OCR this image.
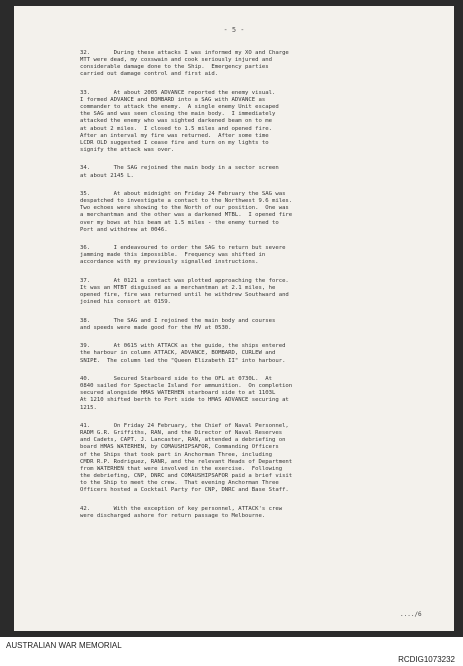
- 5 -
32.       During these attacks I was informed my XO and Charge
MTT were dead, my coxswain and cook seriously injured and
considerable damage done to the Ship.  Emergency parties
carried out damage control and first aid.
33.       At about 2005 ADVANCE reported the enemy visual.
I formed ADVANCE and BOMBARD into a SAG with ADVANCE as
commander to attack the enemy.  A single enemy Unit escaped
the SAG and was seen closing the main body.  I immediately
attacked the enemy who was sighted darkened beam on to me
at about 2 miles.  I closed to 1.5 miles and opened fire.
After an interval my fire was returned.  After some time
LCDR OLD suggested I cease fire and turn on my lights to
signify the attack was over.
34.       The SAG rejoined the main body in a sector screen
at about 2145 L.
35.       At about midnight on Friday 24 February the SAG was
despatched to investigate a contact to the Northwest 9.6 miles.
Two echoes were showing to the North of our position.  One was
a merchantman and the other was a darkened MTBL.  I opened fire
over my bows at his beam at 1.5 miles - the enemy turned to
Port and withdrew at 0046.
36.       I endeavoured to order the SAG to return but severe
jamming made this impossible.  Frequency was shifted in
accordance with my previously signalled instructions.
37.       At 0121 a contact was plotted approaching the force.
It was an MTBT disguised as a merchantman at 2.1 miles, he
opened fire, fire was returned until he withdrew Southward and
joined his consort at 0159.
38.       The SAG and I rejoined the main body and courses
and speeds were made good for the HV at 0530.
39.       At 0615 with ATTACK as the guide, the ships entered
the harbour in column ATTACK, ADVANCE, BOMBARD, CURLEW and
SNIPE.  The column led the "Queen Elizabeth II" into harbour.
40.       Secured Starboard side to the OFL at 0730L.  At
0840 sailed for Spectacle Island for ammunition.  On completion
secured alongside HMAS WATERHEN starboard side to at 1103L
At 1210 shifted berth to Port side to HMAS ADVANCE securing at
1215.
41.       On Friday 24 February, the Chief of Naval Personnel,
RADM G.R. Griffiths, RAN, and the Director of Naval Reserves
and Cadets, CAPT. J. Lancaster, RAN, attended a debriefing on
board HMAS WATERHEN, by COMAUSHIPSAFOR, Commanding Officers
of the Ships that took part in Anchorman Three, including
CMDR R.P. Rodriguez, RANR, and the relevant Heads of Department
from WATERHEN that were involved in the exercise.  Following
the debriefing, CNP, DNRC and COMAUSHIPSAFOR paid a brief visit
to the Ship to meet the crew.  That evening Anchorman Three
Officers hosted a Cocktail Party for CNP, DNRC and Base Staff.
42.       With the exception of key personnel, ATTACK's crew
were discharged ashore for return passage to Melbourne.
..../6
AUSTRALIAN WAR MEMORIAL
RCDIG1073232
